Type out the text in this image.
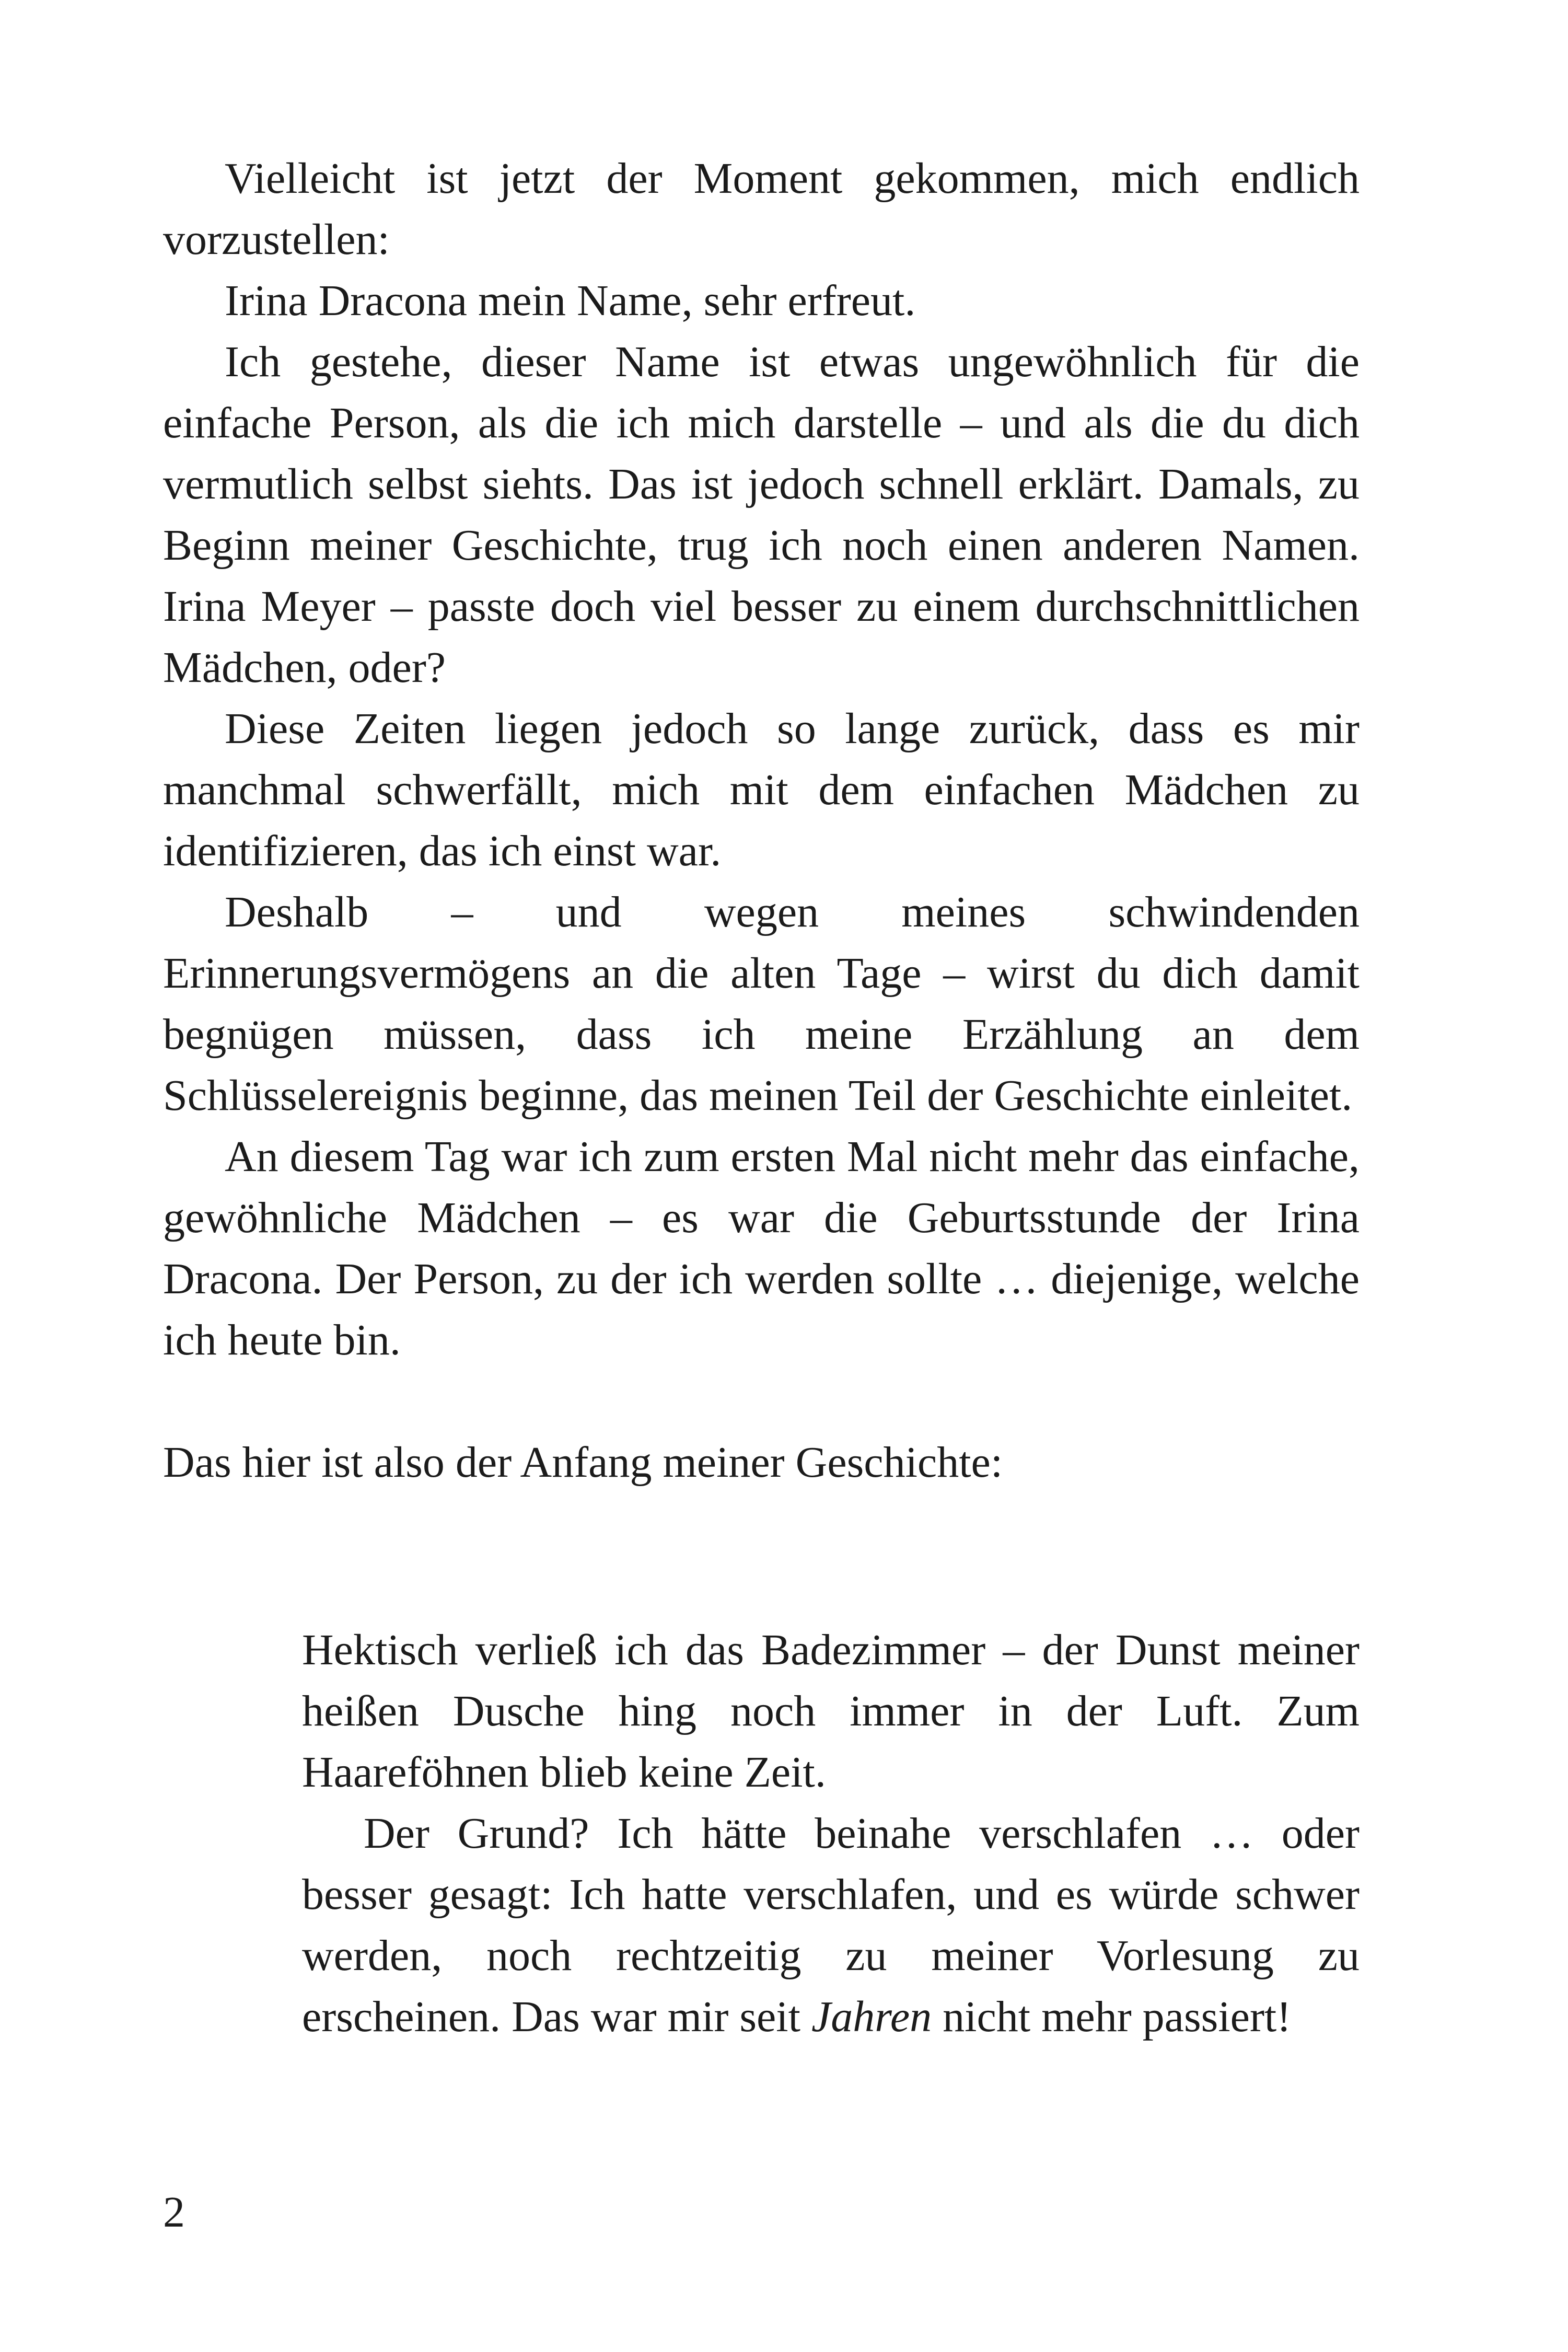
Vielleicht ist jetzt der Moment gekommen, mich endlich vorzustellen:

Irina Dracona mein Name, sehr erfreut.

Ich gestehe, dieser Name ist etwas ungewöhnlich für die einfache Person, als die ich mich darstelle – und als die du dich vermutlich selbst siehts. Das ist jedoch schnell erklärt. Damals, zu Beginn meiner Geschichte, trug ich noch einen anderen Namen. Irina Meyer – passte doch viel besser zu einem durchschnittlichen Mädchen, oder?

Diese Zeiten liegen jedoch so lange zurück, dass es mir manchmal schwerfällt, mich mit dem einfachen Mädchen zu identifizieren, das ich einst war.

Deshalb – und wegen meines schwindenden Erinnerungsvermögens an die alten Tage – wirst du dich damit begnügen müssen, dass ich meine Erzählung an dem Schlüsselereignis beginne, das meinen Teil der Geschichte einleitet.

An diesem Tag war ich zum ersten Mal nicht mehr das einfache, gewöhnliche Mädchen – es war die Geburtsstunde der Irina Dracona. Der Person, zu der ich werden sollte … diejenige, welche ich heute bin.

Das hier ist also der Anfang meiner Geschichte:

Hektisch verließ ich das Badezimmer – der Dunst meiner heißen Dusche hing noch immer in der Luft. Zum Haareföhnen blieb keine Zeit.

Der Grund? Ich hätte beinahe verschlafen … oder besser gesagt: Ich hatte verschlafen, und es würde schwer werden, noch rechtzeitig zu meiner Vorlesung zu erscheinen. Das war mir seit Jahren nicht mehr passiert!

2
